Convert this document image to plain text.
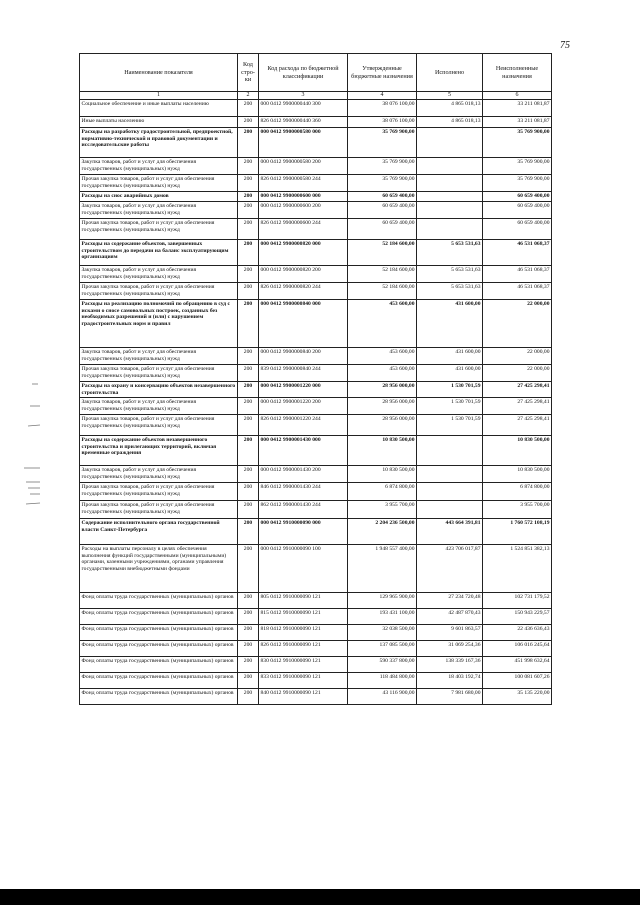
75
Наименование показателя	Код стро-ки	Код расхода по бюджетной классификации	Утвержденные бюджетные назначения	Исполнено	Неисполненные назначения
1	2	3	4	5	6
Социальное обеспечение и иные выплаты населению	200	000 0412 9900000440 300	38 076 100,00	4 865 018,13	33 211 081,87
Иные выплаты населению	200	826 0412 9900000440 360	38 076 100,00	4 865 018,13	33 211 081,87
Расходы на разработку градостроительной, предпроектной, нормативно-технической и правовой документации и исследовательские работы	200	000 0412 9900000580 000	35 769 900,00		35 769 900,00
Закупка товаров, работ и услуг для обеспечения государственных (муниципальных) нужд	200	000 0412 9900000580 200	35 769 900,00		35 769 900,00
Прочая закупка товаров, работ и услуг для обеспечения государственных (муниципальных) нужд	200	826 0412 9900000580 244	35 769 900,00		35 769 900,00
Расходы на снос аварийных домов	200	000 0412 9900000600 000	60 659 400,00		60 659 400,00
Закупка товаров, работ и услуг для обеспечения государственных (муниципальных) нужд	200	000 0412 9900000600 200	60 659 400,00		60 659 400,00
Прочая закупка товаров, работ и услуг для обеспечения государственных (муниципальных) нужд	200	826 0412 9900000600 244	60 659 400,00		60 659 400,00
Расходы на содержание объектов, завершенных строительством до передачи на баланс эксплуатирующим организациям	200	000 0412 9900000820 000	52 184 600,00	5 653 531,63	46 531 068,37
Закупка товаров, работ и услуг для обеспечения государственных (муниципальных) нужд	200	000 0412 9900000820 200	52 184 600,00	5 653 531,63	46 531 068,37
Прочая закупка товаров, работ и услуг для обеспечения государственных (муниципальных) нужд	200	826 0412 9900000820 244	52 184 600,00	5 653 531,63	46 531 068,37
Расходы на реализацию полномочий по обращению в суд с исками о сносе самовольных построек, созданных без необходимых разрешений и (или) с нарушением градостроительных норм и правил	200	000 0412 9900000840 000	453 600,00	431 600,00	22 000,00
Закупка товаров, работ и услуг для обеспечения государственных (муниципальных) нужд	200	000 0412 9900000840 200	453 600,00	431 600,00	22 000,00
Прочая закупка товаров, работ и услуг для обеспечения государственных (муниципальных) нужд	200	839 0412 9900000840 244	453 600,00	431 600,00	22 000,00
Расходы на охрану и консервацию объектов незавершенного строительства	200	000 0412 9900001220 000	28 956 000,00	1 530 701,59	27 425 298,41
Закупка товаров, работ и услуг для обеспечения государственных (муниципальных) нужд	200	000 0412 9900001220 200	28 956 000,00	1 530 701,59	27 425 298,41
Прочая закупка товаров, работ и услуг для обеспечения государственных (муниципальных) нужд	200	826 0412 9900001220 244	28 956 000,00	1 530 701,59	27 425 298,41
Расходы на содержание объектов незавершенного строительства и прилегающих территорий, включая временные ограждения	200	000 0412 9900001430 000	10 830 500,00		10 830 500,00
Закупка товаров, работ и услуг для обеспечения государственных (муниципальных) нужд	200	000 0412 9900001430 200	10 830 500,00		10 830 500,00
Прочая закупка товаров, работ и услуг для обеспечения государственных (муниципальных) нужд	200	846 0412 9900001430 244	6 874 800,00		6 874 800,00
Прочая закупка товаров, работ и услуг для обеспечения государственных (муниципальных) нужд	200	862 0412 9900001430 244	3 955 700,00		3 955 700,00
Содержание исполнительного органа государственной власти Санкт-Петербурга	200	000 0412 9910000090 000	2 204 236 500,00	443 664 391,81	1 760 572 108,19
Расходы на выплаты персоналу в целях обеспечения выполнения функций государственными (муниципальными) органами, казенными учреждениями, органами управления государственными внебюджетными фондами	200	000 0412 9910000090 100	1 948 557 400,00	423 706 017,87	1 524 851 382,13
Фонд оплаты труда государственных (муниципальных) органов	200	805 0412 9910000090 121	129 965 900,00	27 234 720,48	102 731 179,52
Фонд оплаты труда государственных (муниципальных) органов	200	815 0412 9910000090 121	193 431 100,00	42 487 870,43	150 943 229,57
Фонд оплаты труда государственных (муниципальных) органов	200	818 0412 9910000090 121	32 038 500,00	9 601 863,57	22 436 636,43
Фонд оплаты труда государственных (муниципальных) органов	200	826 0412 9910000090 121	137 085 500,00	31 069 254,36	106 016 245,64
Фонд оплаты труда государственных (муниципальных) органов	200	830 0412 9910000090 121	590 337 800,00	138 339 167,36	451 998 632,64
Фонд оплаты труда государственных (муниципальных) органов	200	833 0412 9910000090 121	118 484 800,00	18 403 192,74	100 081 607,26
Фонд оплаты труда государственных (муниципальных) органов	200	840 0412 9910000090 121	43 116 900,00	7 981 680,00	35 135 220,00
